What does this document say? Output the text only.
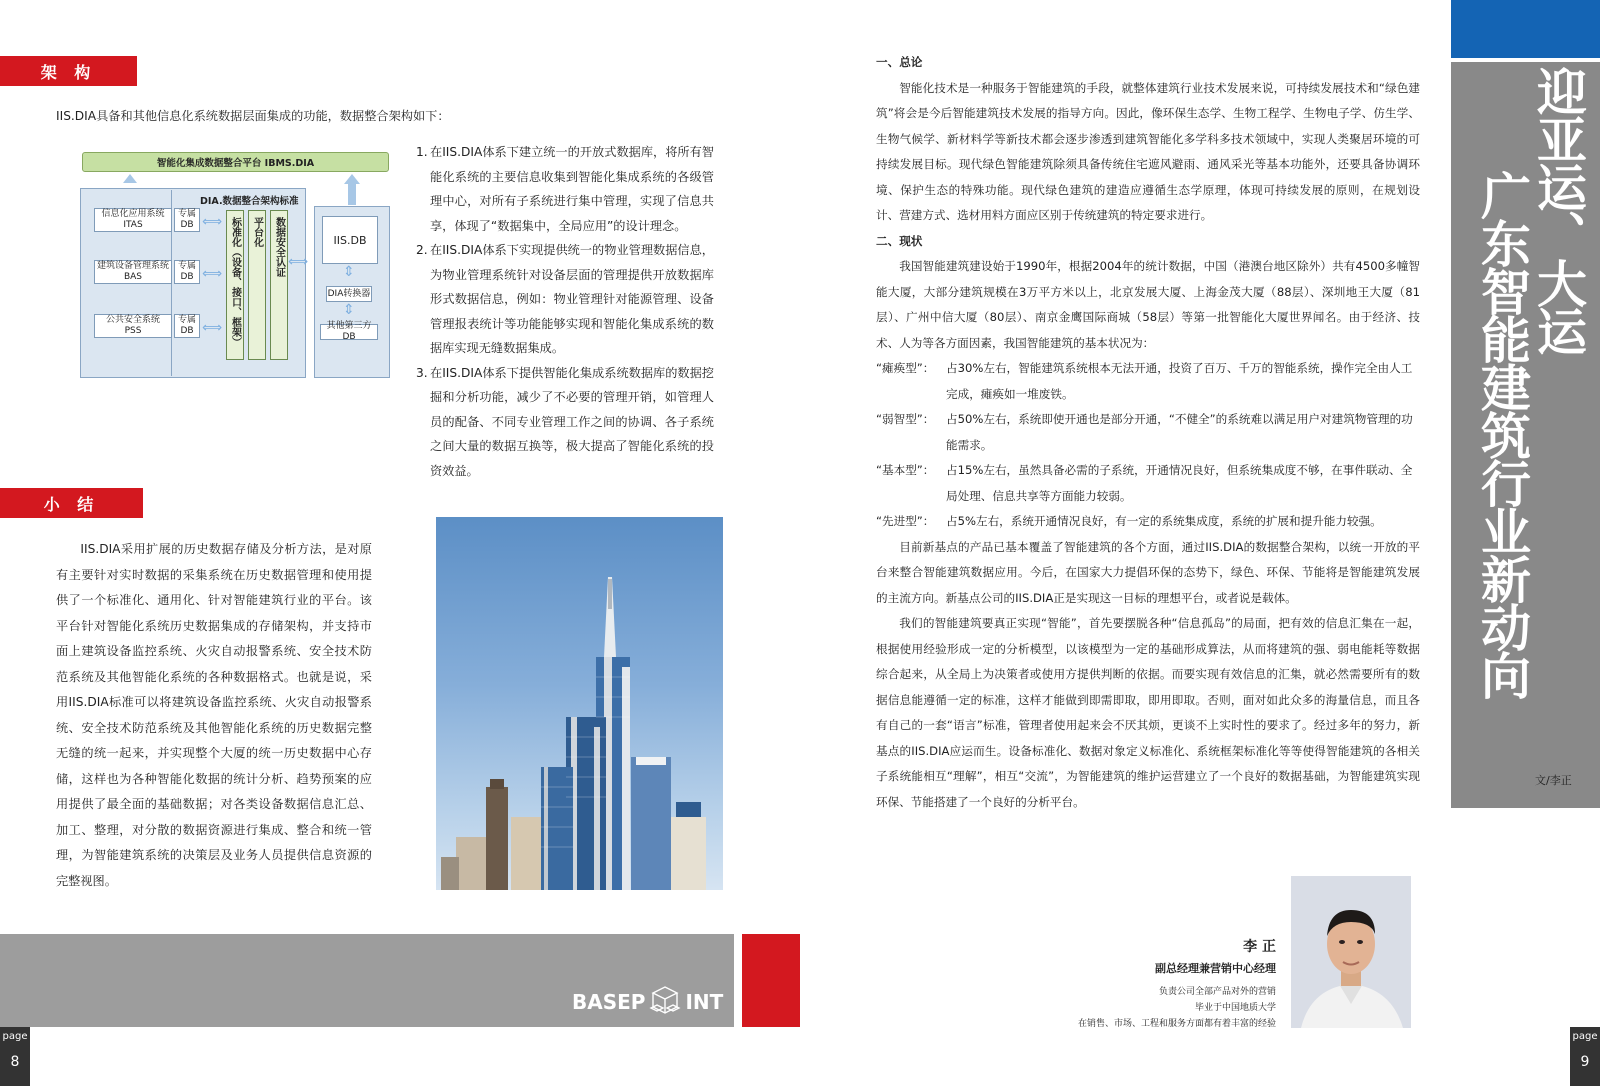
架 构
IIS.DIA具备和其他信息化系统数据层面集成的功能，数据整合架构如下：
智能化集成数据整合平台 IBMS.DIA
DIA.数据整合架构标准
信息化应用系统
ITAS
专属
DB
建筑设备管理系统
BAS
专属
DB
公共安全系统
PSS
专属
DB
⟺
⟺
⟺
⟺
标准化（设备、接口、框架）	平台化	数据安全认证	IIS.DB
⇕
DIA转换器
⇕
其他第三方DB
1. 在IIS.DIA体系下建立统一的开放式数据库，将所有智能化系统的主要信息收集到智能化集成系统的各级管理中心，对所有子系统进行集中管理，实现了信息共享，体现了“数据集中，全局应用”的设计理念。
2. 在IIS.DIA体系下实现提供统一的物业管理数据信息，为物业管理系统针对设备层面的管理提供开放数据库形式数据信息，例如：物业管理针对能源管理、设备管理报表统计等功能能够实现和智能化集成系统的数据库实现无缝数据集成。
3. 在IIS.DIA体系下提供智能化集成系统数据库的数据挖掘和分析功能，减少了不必要的管理开销，如管理人员的配备、不同专业管理工作之间的协调、各子系统之间大量的数据互换等，极大提高了智能化系统的投资效益。
小 结
IIS.DIA采用扩展的历史数据存储及分析方法，是对原有主要针对实时数据的采集系统在历史数据管理和使用提供了一个标准化、通用化、针对智能建筑行业的平台。该平台针对智能化系统历史数据集成的存储架构，并支持市面上建筑设备监控系统、火灾自动报警系统、安全技术防范系统及其他智能化系统的各种数据格式。也就是说，采用IIS.DIA标准可以将建筑设备监控系统、火灾自动报警系统、安全技术防范系统及其他智能化系统的历史数据完整无缝的统一起来，并实现整个大厦的统一历史数据中心存储，这样也为各种智能化数据的统计分析、趋势预案的应用提供了最全面的基础数据；对各类设备数据信息汇总、加工、整理，对分散的数据资源进行集成、整合和统一管理，为智能建筑系统的决策层及业务人员提供信息资源的完整视图。
BASEP INT
page
8
一、总论
智能化技术是一种服务于智能建筑的手段，就整体建筑行业技术发展来说，可持续发展技术和“绿色建筑”将会是今后智能建筑技术发展的指导方向。因此，像环保生态学、生物工程学、生物电子学、仿生学、生物气候学、新材料学等新技术都会逐步渗透到建筑智能化多学科多技术领域中，实现人类聚居环境的可持续发展目标。现代绿色智能建筑除须具备传统住宅遮风避雨、通风采光等基本功能外，还要具备协调环境、保护生态的特殊功能。现代绿色建筑的建造应遵循生态学原理，体现可持续发展的原则，在规划设计、营建方式、选材用料方面应区别于传统建筑的特定要求进行。
二、现状
我国智能建筑建设始于1990年，根据2004年的统计数据，中国（港澳台地区除外）共有4500多幢智能大厦，大部分建筑规模在3万平方米以上，北京发展大厦、上海金茂大厦（88层）、深圳地王大厦（81层）、广州中信大厦（80层）、南京金鹰国际商城（58层）等第一批智能化大厦世界闻名。由于经济、技术、人为等各方面因素，我国智能建筑的基本状况为：
“瘫痪型”：	占30%左右，智能建筑系统根本无法开通，投资了百万、千万的智能系统，操作完全由人工完成，瘫痪如一堆废铁。
“弱智型”：	占50%左右，系统即使开通也是部分开通，“不健全”的系统难以满足用户对建筑物管理的功能需求。
“基本型”：	占15%左右，虽然具备必需的子系统，开通情况良好，但系统集成度不够，在事件联动、全局处理、信息共享等方面能力较弱。
“先进型”：	占5%左右，系统开通情况良好，有一定的系统集成度，系统的扩展和提升能力较强。
目前新基点的产品已基本覆盖了智能建筑的各个方面，通过IIS.DIA的数据整合架构，以统一开放的平台来整合智能建筑数据应用。今后，在国家大力提倡环保的态势下，绿色、环保、节能将是智能建筑发展的主流方向。新基点公司的IIS.DIA正是实现这一目标的理想平台，或者说是载体。
我们的智能建筑要真正实现“智能”，首先要摆脱各种“信息孤岛”的局面，把有效的信息汇集在一起，根据使用经验形成一定的分析模型，以该模型为一定的基础形成算法，从而将建筑的强、弱电能耗等数据综合起来，从全局上为决策者或使用方提供判断的依据。而要实现有效信息的汇集，就必然需要所有的数据信息能遵循一定的标准，这样才能做到即需即取，即用即取。否则，面对如此众多的海量信息，而且各有自己的一套“语言”标准，管理者使用起来会不厌其烦，更谈不上实时性的要求了。经过多年的努力，新基点的IIS.DIA应运而生。设备标准化、数据对象定义标准化、系统框架标准化等等使得智能建筑的各相关子系统能相互“理解”，相互“交流”，为智能建筑的维护运营建立了一个良好的数据基础，为智能建筑实现环保、节能搭建了一个良好的分析平台。
迎亚运、大运
广东智能建筑行业新动向
文/李正
李 正
副总经理兼营销中心经理
负责公司全部产品对外的营销
毕业于中国地质大学
在销售、市场、工程和服务方面都有着丰富的经验
page
9
